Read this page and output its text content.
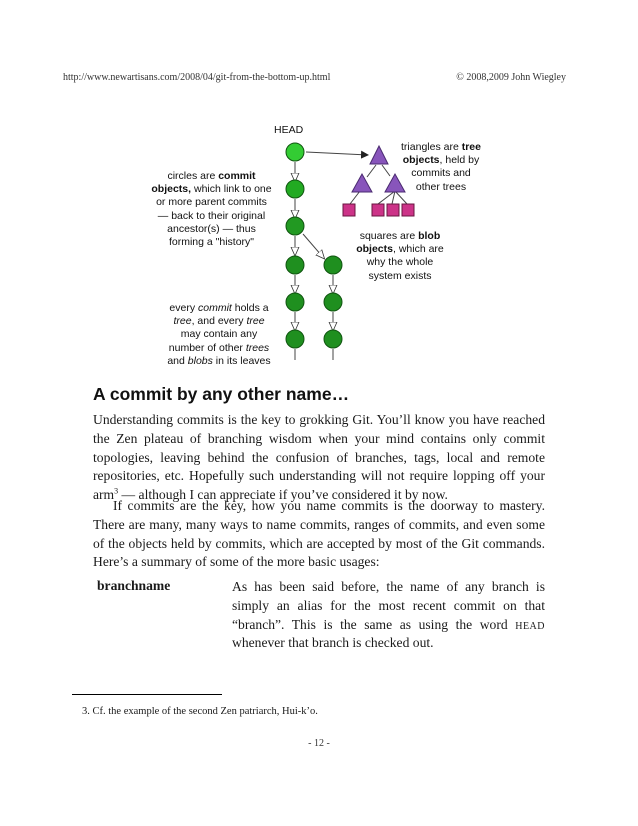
http://www.newartisans.com/2008/04/git-from-the-bottom-up.html	© 2008,2009 John Wiegley
HEAD
circles are commit
objects, which link to one
or more parent commits
— back to their original
ancestor(s) — thus
forming a "history"
triangles are tree
objects, held by
commits and
other trees
squares are blob
objects, which are
why the whole
system exists
every commit holds a
tree, and every tree
may contain any
number of other trees
and blobs in its leaves
A commit by any other name…
Understanding commits is the key to grokking Git. You’ll know you have reached the Zen plateau of branching wisdom when your mind contains only commit topologies, leaving behind the confusion of branches, tags, local and remote repositories, etc. Hopefully such understanding will not require lopping off your arm$^3$ — although I can appreciate if you’ve considered it by now.
If commits are the key, how you name commits is the doorway to mastery. There are many, many ways to name commits, ranges of commits, and even some of the objects held by commits, which are accepted by most of the Git commands. Here’s a summary of some of the more basic usages:
branchname	As has been said before, the name of any branch is simply an alias for the most recent commit on that “branch”. This is the same as using the word head whenever that branch is checked out.
3. Cf. the example of the second Zen patriarch, Hui-k’o.
- 12 -
